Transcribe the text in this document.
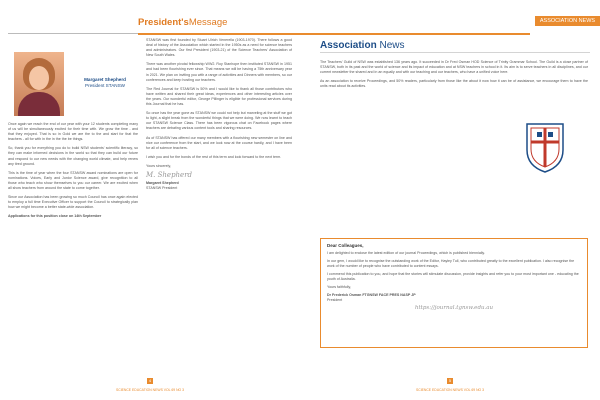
President'sMessage
Margaret Shepherd
President STANSW

Once again we reach the end of our year with your 12 students completing many of us will be simultaneously excited for their time with. We grow the time - and that they enjoyed. That is so in Gold we are the to the and start for that the teachers - all for with in the in the the be things.

So, thank you for everything you do to build NSW students' scientific literacy, so they can make informed decisions in the world so that they can build our future and respond to our new needs with the changing world climate, and help renew any tired ground.

This is the time of year when the four STANSW award nominations are open for nominations. Voices, Early and Junior Science award, give recognition to all those who teach who show themselves to you our career. We are excited when all show teachers from around the state to come together.

Since our Association has been growing so much Council has once again elected to employ a full time Executive Officer to support the Council to strategically plan how we might become a better state-wide association.

Applications for this position close on 14th September

STANSW was first founded by Stuart Ulrich Venerella (1903-1970). There follows a good deal of history of the Association which started in the 1950s as a need for science teachers and administrators. Our first President (1903-21) of the Science Teachers' Association of New South Wales.

There was another pivotal fellowship WW2. Roy Stanhope then instituted STANSW in 1951 and had been flourishing ever since. That means we will be having a 75th anniversary year in 2021. We plan on inviting you with a range of activities and Dinners with members, so our conferences and keep hosting our teachers.

The Red Journal for STANSW is 50% and I would like to thank all those contributors who have written and shared their great ideas, experiences and other interesting articles over the years. Our wonderful editor, George Pillinger is eligible for professional services during this Journal that he has.

So once has the year gone as STANSW we could not help but marveling at the stuff we got to light, a slight break from the wonderful things that we were doing. We now learnt to teach our STANSW Science Class. There has been vigorous chat on Facebook pages where teachers are debating various content tools and sharing resources.

As of STANSW has offered our many members with a flourishing new semester on line and nice our conference from the start, and we look now at the course hardly, and I have been for all of science teachers.

I wish you and for the bonds of the rest of this term and look forward to the next term.

Yours sincerely,

M. Shepherd

Margaret Shepherd

STANSW President

4
SCIENCE EDUCATION NEWS VOL 69 NO 3
ASSOCIATION NEWS
Association News

The Teachers' Guild of NSW was established 136 years ago. It succeeded in Dr Fred Osman HOD Science of Trinity Grammar School. The Guild is a close partner of STANSW, both in its past and the world of science and its impact of education and at NSW teachers in school in it. Its aim is to serve teachers in all disciplines, and our current newsletter the shared and in an equally and with our teaching and our teachers, who have a unified voice here.

As an association to receive Proceedings, and 50% readers, particularly from those like the about it now how it can be of assistance, we encourage them to have the units read about its activities.

Dear Colleagues,

I am delighted to enclose the latest edition of our journal Proceedings, which is published biennially.

In our gem, I would like to recognise the outstanding work of the Editor, Hayley Tull, who contributed greatly to the excellent publication. I also recognise the work of the number of people who have contributed to content essays.

I commend this publication to you, and hope that the stories will stimulate discussion, provide insights and refer you to your most important one - educating the youth of Australia.

Yours faithfully,

Dr Frederick Osman FTGNSW FACE PRES NASP JP

President

https://journal.tgnsw.edu.au
5
SCIENCE EDUCATION NEWS VOL 69 NO 3
